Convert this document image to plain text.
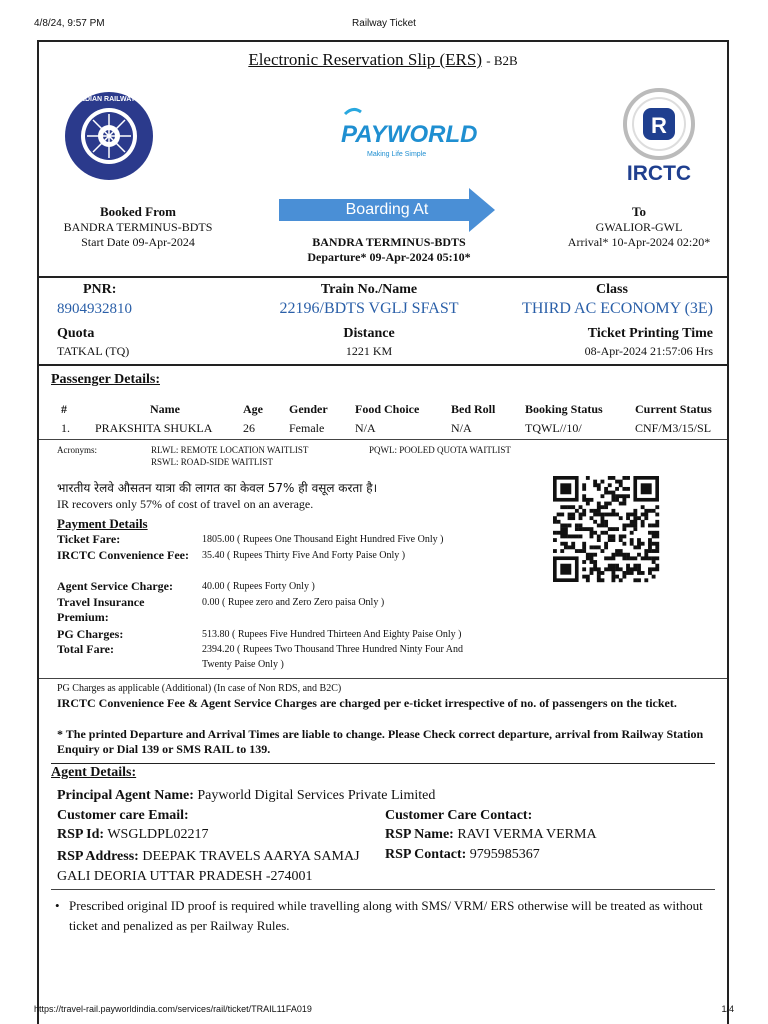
4/8/24, 9:57 PM	Railway Ticket
Electronic Reservation Slip (ERS) - B2B
INDIAN RAILWAYS
PAYWORLD
Making Life Simple
R
IRCTC
Boarding At
Booked From
BANDRA TERMINUS-BDTS
Start Date 09-Apr-2024	BANDRA TERMINUS-BDTS
Departure* 09-Apr-2024 05:10*
To
GWALIOR-GWL
Arrival* 10-Apr-2024 02:20*
PNR:
8904932810
Train No./Name
22196/BDTS VGLJ SFAST
Class
THIRD AC ECONOMY (3E)
Quota
TATKAL (TQ)
Distance
1221 KM
Ticket Printing Time
08-Apr-2024 21:57:06 Hrs
Passenger Details:
#	Name	Age	Gender	Food Choice	Bed Roll	Booking Status	Current Status
1.	PRAKSHITA SHUKLA	26	Female	N/A	N/A	TQWL//10/	CNF/M3/15/SL
Acronyms:	RLWL: REMOTE LOCATION WAITLIST
RSWL: ROAD-SIDE WAITLIST
PQWL: POOLED QUOTA WAITLIST
भारतीय रेलवे औसतन यात्रा की लागत का केवल 57% ही वसूल करता है।
IR recovers only 57% of cost of travel on an average.
Payment Details
Ticket Fare:	1805.00 ( Rupees One Thousand Eight Hundred Five Only )
IRCTC Convenience Fee:	35.40 ( Rupees Thirty Five And Forty Paise Only )
Agent Service Charge:	40.00 ( Rupees Forty Only )
Travel Insurance Premium:
0.00 ( Rupee zero and Zero Zero paisa Only )
PG Charges:	513.80 ( Rupees Five Hundred Thirteen And Eighty Paise Only )
Total Fare:	2394.20 ( Rupees Two Thousand Three Hundred Ninty Four And Twenty Paise Only )
PG Charges as applicable (Additional) (In case of Non RDS, and B2C)
IRCTC Convenience Fee & Agent Service Charges are charged per e-ticket irrespective of no. of passengers on the ticket.
* The printed Departure and Arrival Times are liable to change. Please Check correct departure, arrival from Railway Station Enquiry or Dial 139 or SMS RAIL to 139.
Agent Details:
Principal Agent Name: Payworld Digital Services Private Limited
Customer care Email:	Customer Care Contact:
RSP Id: WSGLDPL02217	RSP Name: RAVI VERMA VERMA
RSP Address: DEEPAK TRAVELS AARYA SAMAJ GALI DEORIA UTTAR PRADESH -274001
RSP Contact: 9795985367
• Prescribed original ID proof is required while travelling along with SMS/ VRM/ ERS otherwise will be treated as without ticket and penalized as per Railway Rules.
https://travel-rail.payworldindia.com/services/rail/ticket/TRAIL11FA019	1/4
